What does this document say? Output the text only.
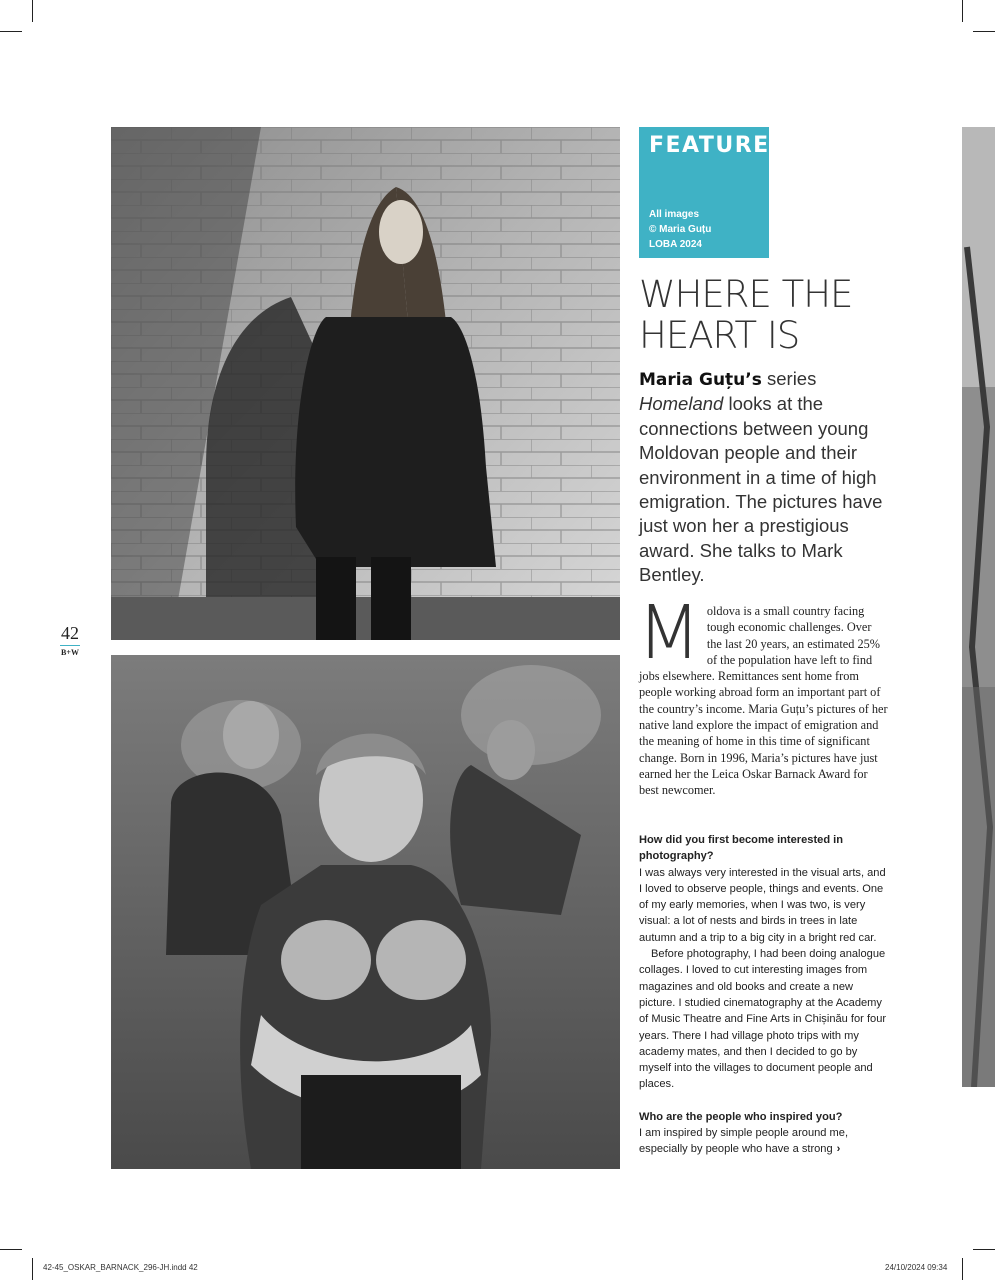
FEATURE
All images
© Maria Guțu
LOBA 2024
WHERE THE
HEART IS
Maria Guțu’s series Homeland looks at the connections between young Moldovan people and their environment in a time of high emigration. The pictures have just won her a prestigious award. She talks to Mark Bentley.
Moldova is a small country facing tough economic challenges. Over the last 20 years, an estimated 25% of the population have left to find jobs elsewhere. Remittances sent home from people working abroad form an important part of the country’s income. Maria Guțu’s pictures of her native land explore the impact of emigration and the meaning of home in this time of significant change. Born in 1996, Maria’s pictures have just earned her the Leica Oskar Barnack Award for best newcomer.

How did you first become interested in photography?

I was always very interested in the visual arts, and I loved to observe people, things and events. One of my early memories, when I was two, is very visual: a lot of nests and birds in trees in late autumn and a trip to a big city in a bright red car.

Before photography, I had been doing analogue collages. I loved to cut interesting images from magazines and old books and create a new picture. I studied cinematography at the Academy of Music Theatre and Fine Arts in Chișinău for four years. There I had village photo trips with my academy mates, and then I decided to go by myself into the villages to document people and places.

Who are the people who inspired you?

I am inspired by simple people around me, especially by people who have a strong ›

42
B+W
42-45_OSKAR_BARNACK_296-JH.indd 42	24/10/2024 09:34
